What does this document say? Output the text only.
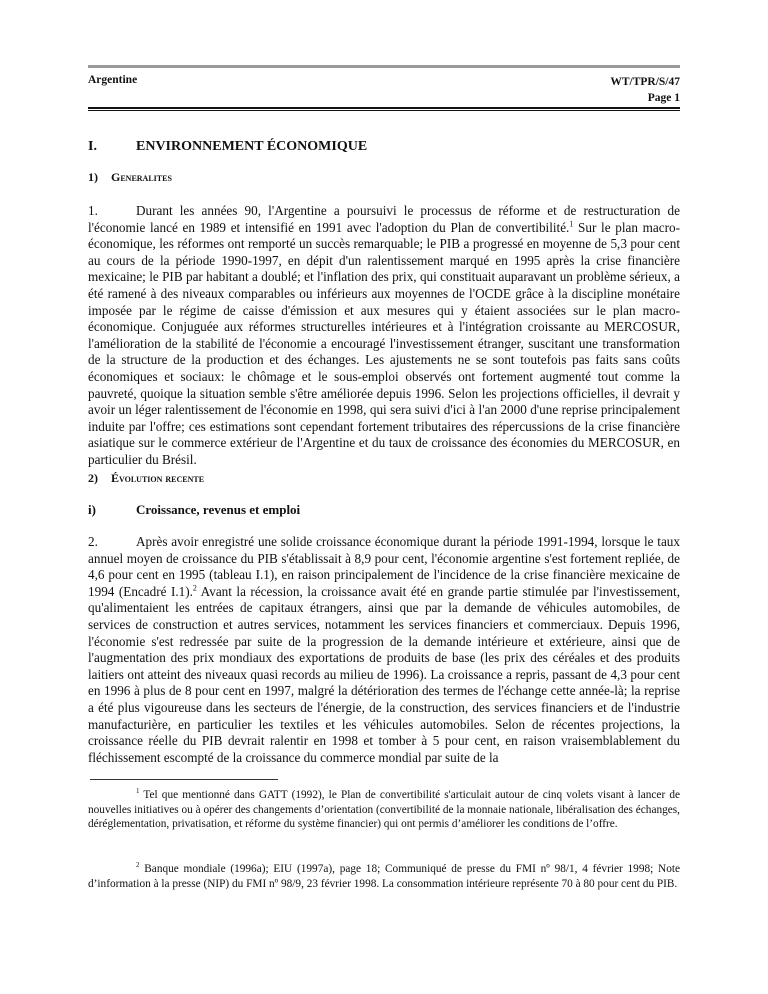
Argentine	WT/TPR/S/47
Page 1
I.	ENVIRONNEMENT ÉCONOMIQUE
1) Generalites

1.	Durant les années 90, l'Argentine a poursuivi le processus de réforme et de restructuration de l'économie lancé en 1989 et intensifié en 1991 avec l'adoption du Plan de convertibilité.$^1$ Sur le plan macro-économique, les réformes ont remporté un succès remarquable; le PIB a progressé en moyenne de 5,3 pour cent au cours de la période 1990-1997, en dépit d'un ralentissement marqué en 1995 après la crise financière mexicaine; le PIB par habitant a doublé; et l'inflation des prix, qui constituait auparavant un problème sérieux, a été ramené à des niveaux comparables ou inférieurs aux moyennes de l'OCDE grâce à la discipline monétaire imposée par le régime de caisse d'émission et aux mesures qui y étaient associées sur le plan macro-économique. Conjuguée aux réformes structurelles intérieures et à l'intégration croissante au MERCOSUR, l'amélioration de la stabilité de l'économie a encouragé l'investissement étranger, suscitant une transformation de la structure de la production et des échanges. Les ajustements ne se sont toutefois pas faits sans coûts économiques et sociaux: le chômage et le sous-emploi observés ont fortement augmenté tout comme la pauvreté, quoique la situation semble s'être améliorée depuis 1996. Selon les projections officielles, il devrait y avoir un léger ralentissement de l'économie en 1998, qui sera suivi d'ici à l'an 2000 d'une reprise principalement induite par l'offre; ces estimations sont cependant fortement tributaires des répercussions de la crise financière asiatique sur le commerce extérieur de l'Argentine et du taux de croissance des économies du MERCOSUR, en particulier du Brésil.

2) Évolution recente
i)	Croissance, revenus et emploi

2.	Après avoir enregistré une solide croissance économique durant la période 1991-1994, lorsque le taux annuel moyen de croissance du PIB s'établissait à 8,9 pour cent, l'économie argentine s'est fortement repliée, de 4,6 pour cent en 1995 (tableau I.1), en raison principalement de l'incidence de la crise financière mexicaine de 1994 (Encadré I.1).$^2$ Avant la récession, la croissance avait été en grande partie stimulée par l'investissement, qu'alimentaient les entrées de capitaux étrangers, ainsi que par la demande de véhicules automobiles, de services de construction et autres services, notamment les services financiers et commerciaux. Depuis 1996, l'économie s'est redressée par suite de la progression de la demande intérieure et extérieure, ainsi que de l'augmentation des prix mondiaux des exportations de produits de base (les prix des céréales et des produits laitiers ont atteint des niveaux quasi records au milieu de 1996). La croissance a repris, passant de 4,3 pour cent en 1996 à plus de 8 pour cent en 1997, malgré la détérioration des termes de l'échange cette année-là; la reprise a été plus vigoureuse dans les secteurs de l'énergie, de la construction, des services financiers et de l'industrie manufacturière, en particulier les textiles et les véhicules automobiles. Selon de récentes projections, la croissance réelle du PIB devrait ralentir en 1998 et tomber à 5 pour cent, en raison vraisemblablement du fléchissement escompté de la croissance du commerce mondial par suite de la

$^1$ Tel que mentionné dans GATT (1992), le Plan de convertibilité s'articulait autour de cinq volets visant à lancer de nouvelles initiatives ou à opérer des changements d’orientation (convertibilité de la monnaie nationale, libéralisation des échanges, déréglementation, privatisation, et réforme du système financier) qui ont permis d’améliorer les conditions de l’offre.

$^2$ Banque mondiale (1996a); EIU (1997a), page 18; Communiqué de presse du FMI nº 98/1, 4 février 1998; Note d’information à la presse (NIP) du FMI nº 98/9, 23 février 1998. La consommation intérieure représente 70 à 80 pour cent du PIB.
